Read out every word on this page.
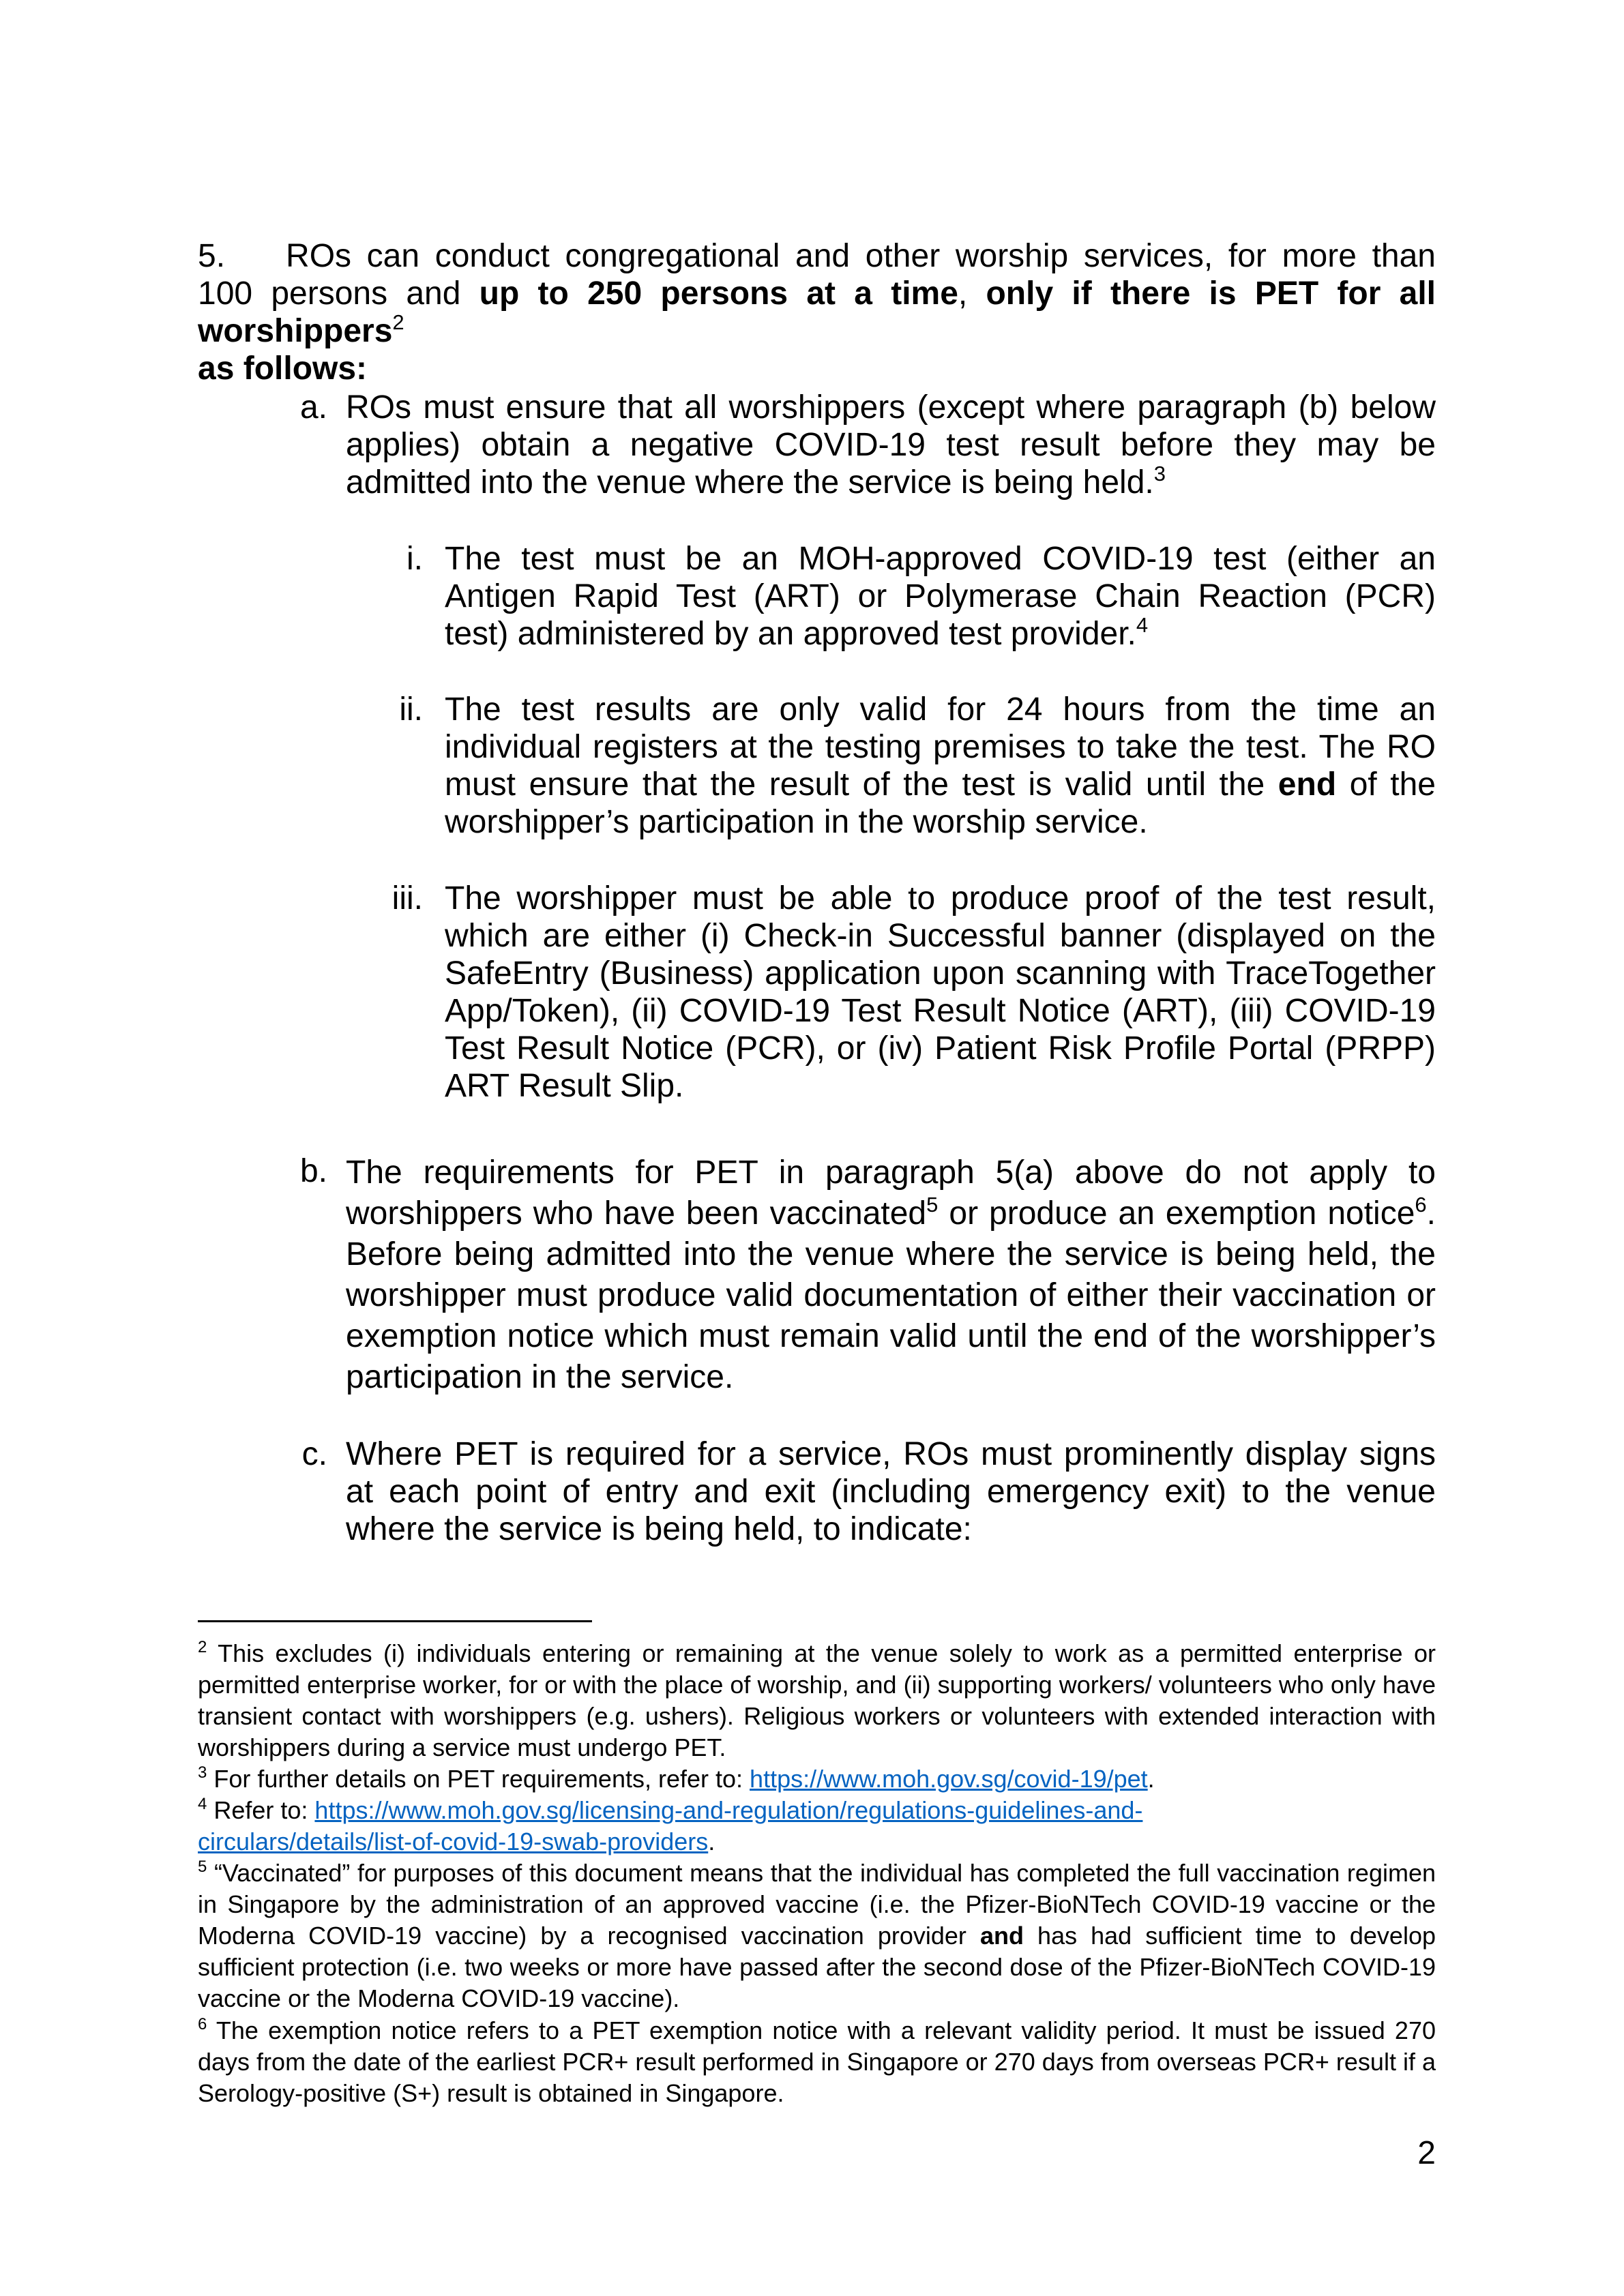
5. ROs can conduct congregational and other worship services, for more than 100 persons and up to 250 persons at a time, only if there is PET for all worshippers$^2$
as follows:
a. ROs must ensure that all worshippers (except where paragraph (b) below applies) obtain a negative COVID-19 test result before they may be admitted into the venue where the service is being held.$^3$
i. The test must be an MOH-approved COVID-19 test (either an Antigen Rapid Test (ART) or Polymerase Chain Reaction (PCR) test) administered by an approved test provider.$^4$
ii. The test results are only valid for 24 hours from the time an individual registers at the testing premises to take the test. The RO must ensure that the result of the test is valid until the end of the worshipper’s participation in the worship service.
iii. The worshipper must be able to produce proof of the test result, which are either (i) Check-in Successful banner (displayed on the SafeEntry (Business) application upon scanning with TraceTogether App/Token), (ii) COVID-19 Test Result Notice (ART), (iii) COVID-19 Test Result Notice (PCR), or (iv) Patient Risk Profile Portal (PRPP) ART Result Slip.
b. The requirements for PET in paragraph 5(a) above do not apply to worshippers who have been vaccinated$^5$ or produce an exemption notice$^6$. Before being admitted into the venue where the service is being held, the worshipper must produce valid documentation of either their vaccination or exemption notice which must remain valid until the end of the worshipper’s participation in the service.
c. Where PET is required for a service, ROs must prominently display signs at each point of entry and exit (including emergency exit) to the venue where the service is being held, to indicate:
$^2$ This excludes (i) individuals entering or remaining at the venue solely to work as a permitted enterprise or permitted enterprise worker, for or with the place of worship, and (ii) supporting workers/ volunteers who only have transient contact with worshippers (e.g. ushers). Religious workers or volunteers with extended interaction with worshippers during a service must undergo PET.
$^3$ For further details on PET requirements, refer to: https://www.moh.gov.sg/covid-19/pet.
$^4$ Refer to: https://www.moh.gov.sg/licensing-and-regulation/regulations-guidelines-and-
circulars/details/list-of-covid-19-swab-providers.
$^5$ “Vaccinated” for purposes of this document means that the individual has completed the full vaccination regimen in Singapore by the administration of an approved vaccine (i.e. the Pfizer-BioNTech COVID-19 vaccine or the Moderna COVID-19 vaccine) by a recognised vaccination provider and has had sufficient time to develop sufficient protection (i.e. two weeks or more have passed after the second dose of the Pfizer-BioNTech COVID-19 vaccine or the Moderna COVID-19 vaccine).
$^6$ The exemption notice refers to a PET exemption notice with a relevant validity period. It must be issued 270 days from the date of the earliest PCR+ result performed in Singapore or 270 days from overseas PCR+ result if a Serology-positive (S+) result is obtained in Singapore.
2
